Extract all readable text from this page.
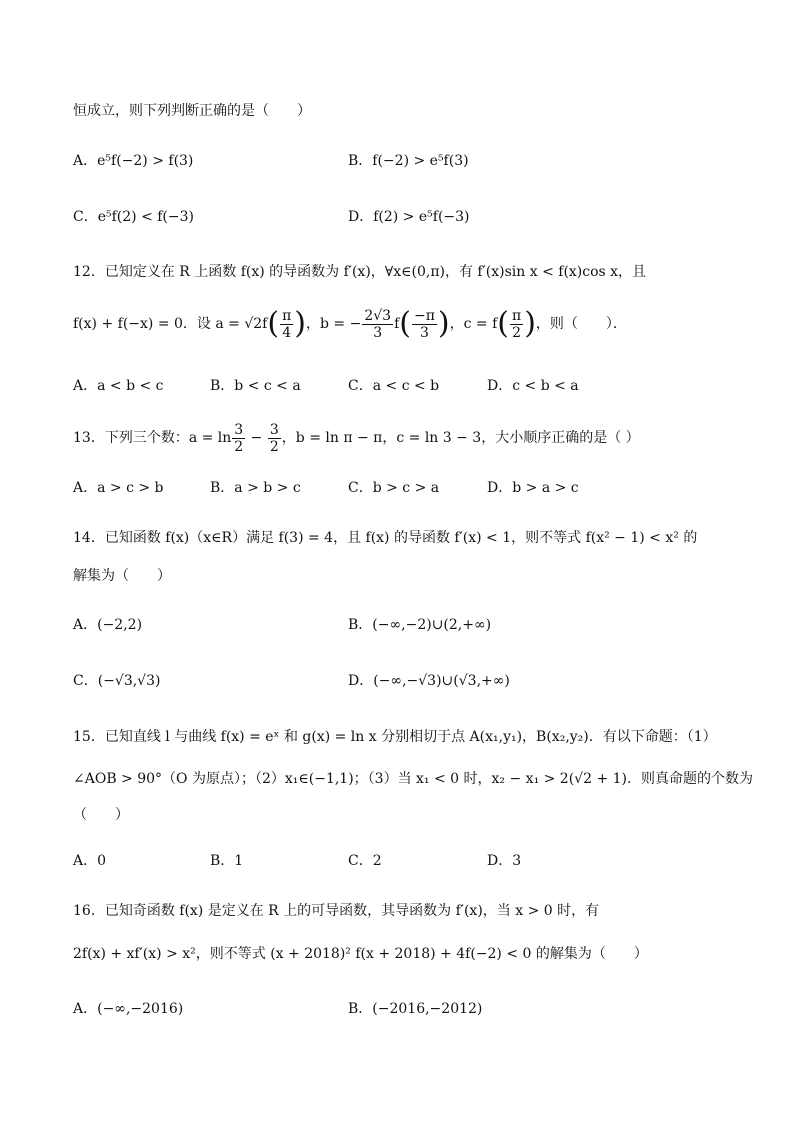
恒成立，则下列判断正确的是（　　）
A．e⁵f(−2) > f(3)	B．f(−2) > e⁵f(3)
C．e⁵f(2) < f(−3)	D．f(2) > e⁵f(−3)
12．已知定义在 R 上函数 f(x) 的导函数为 f′(x)，∀x∈(0,π)，有 f′(x)sin x < f(x)cos x，且
f(x) + f(−x) = 0．设 $a = √2f( \frac{\pi}{4}$ )，b = − $\frac{2√3}{3} f( \frac{-\pi}{3}$ )，$c = f( \frac{\pi}{2}$ )，则（　　）．
A．a < b < c	B．b < c < a	C．a < c < b	D．c < b < a
13．下列三个数：$a = \ln \frac{3}{2} - \frac{3}{2}$ ，b = ln π − π，c = ln 3 − 3，大小顺序正确的是（ ）
A．a > c > b	B．a > b > c	C．b > c > a	D．b > a > c
14．已知函数 f(x)（x∈R）满足 f(3) = 4，且 f(x) 的导函数 f′(x) < 1，则不等式 f(x² − 1) < x² 的
解集为（　　）
A．(−2,2)	B．(−∞,−2)∪(2,+∞)
C．(−√3,√3)	D．(−∞,−√3)∪(√3,+∞)
15．已知直线 l 与曲线 f(x) = eˣ 和 g(x) = ln x 分别相切于点 A(x₁,y₁)，B(x₂,y₂)．有以下命题：（1）
∠AOB > 90°（O 为原点）；（2）x₁∈(−1,1)；（3）当 x₁ < 0 时，x₂ − x₁ > 2(√2 + 1)．则真命题的个数为
（　　）
A．0	B．1	C．2	D．3
16．已知奇函数 f(x) 是定义在 R 上的可导函数，其导函数为 f′(x)，当 x > 0 时，有
2f(x) + xf′(x) > x²，则不等式 (x + 2018)² f(x + 2018) + 4f(−2) < 0 的解集为（　　）
A．(−∞,−2016)	B．(−2016,−2012)
